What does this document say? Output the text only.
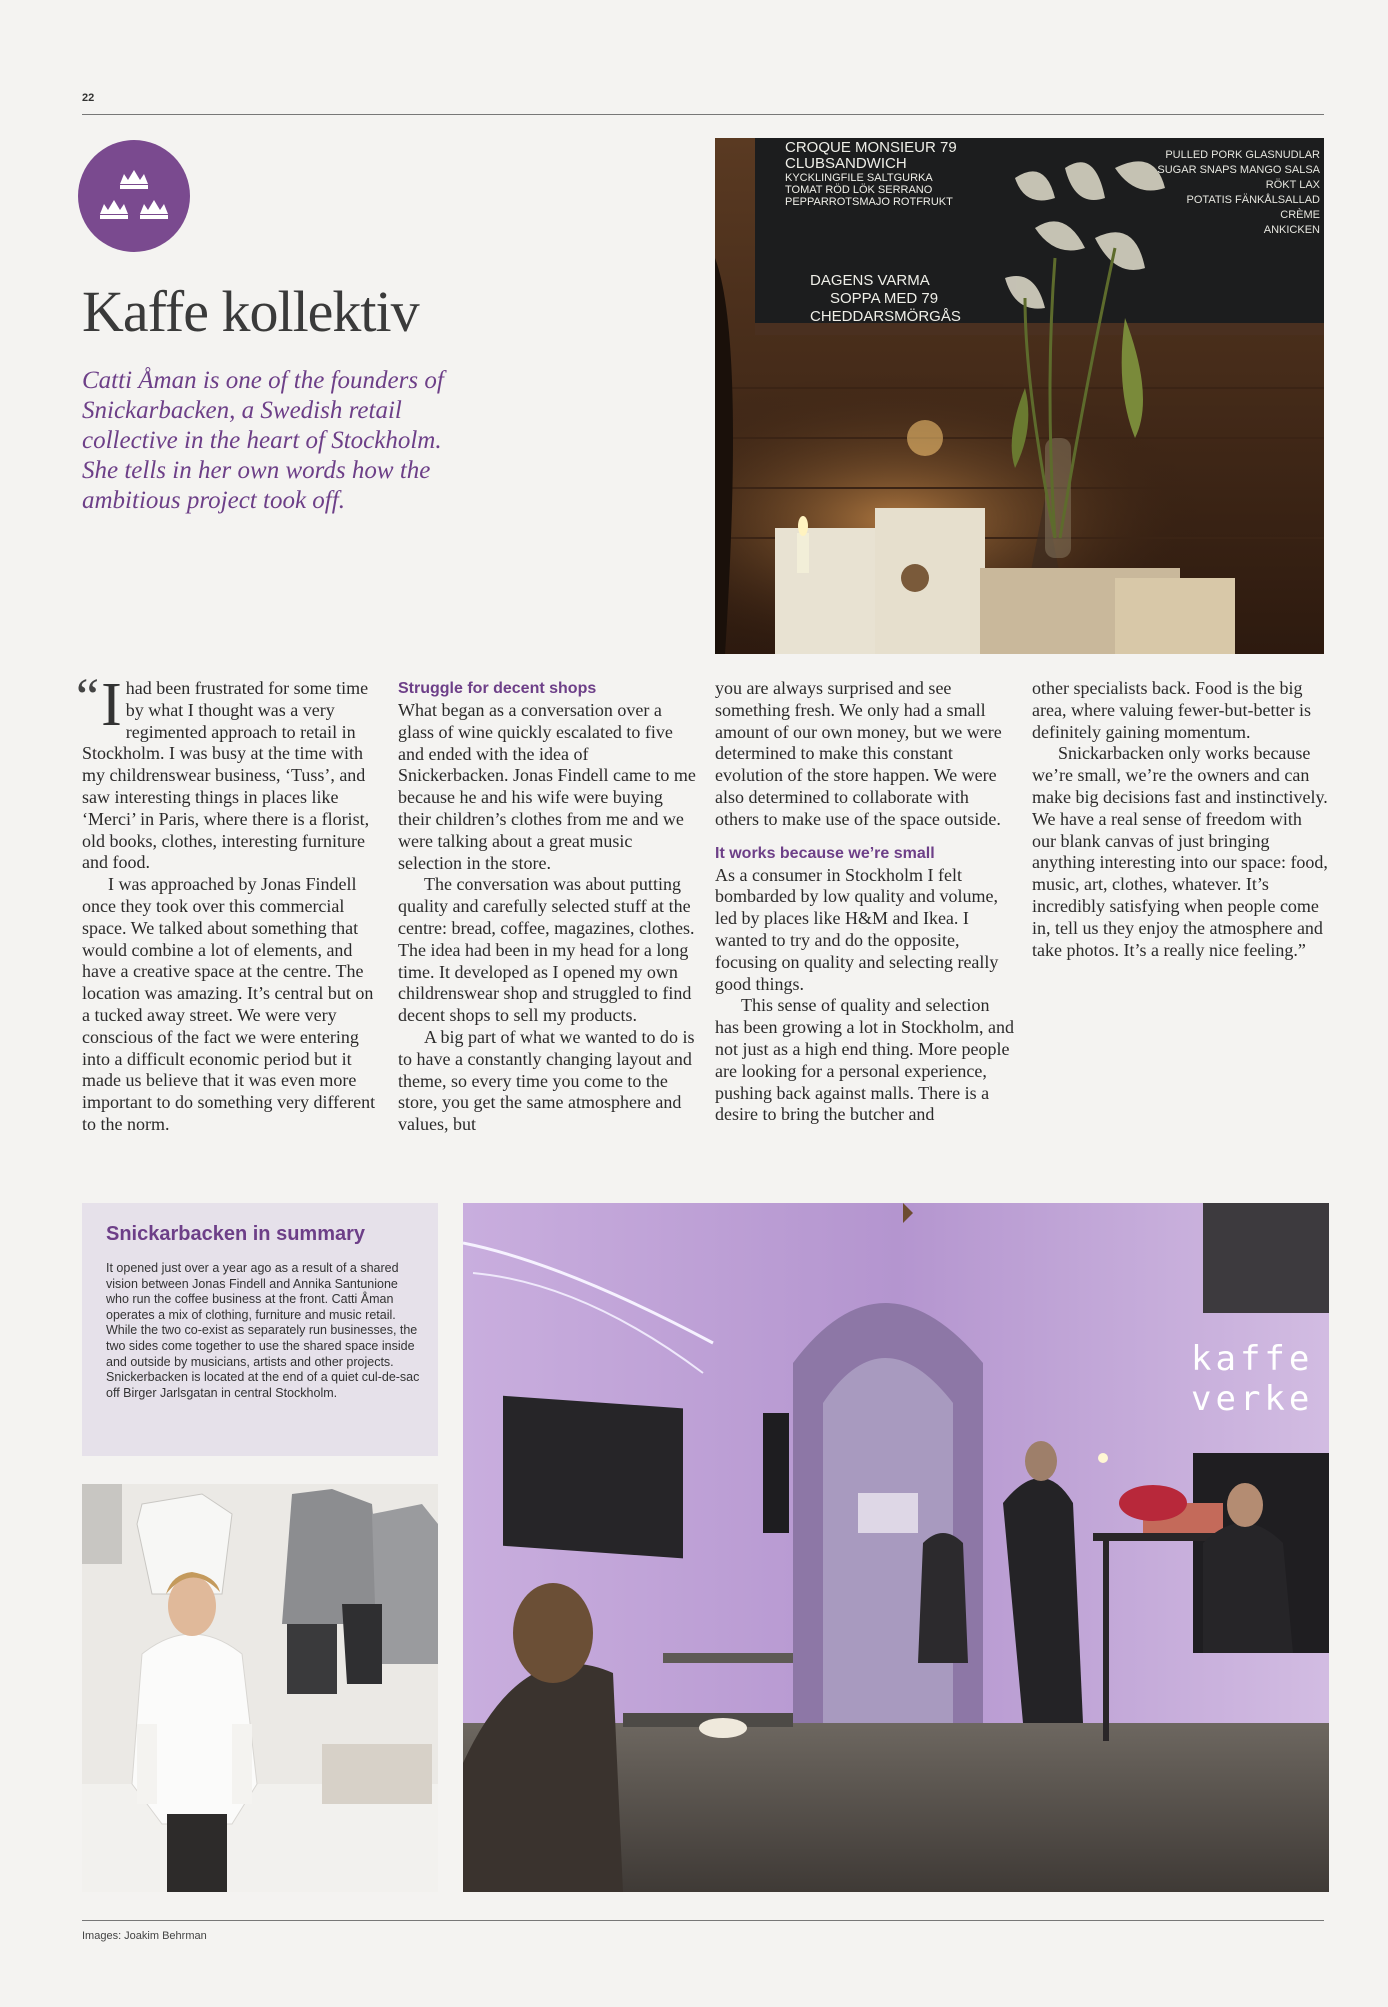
22
Kaffe kollektiv
Catti Åman is one of the founders of Snickarbacken, a Swedish retail collective in the heart of Stockholm. She tells in her own words how the ambitious project took off.
CROQUE MONSIEUR 79
CLUBSANDWICH
KYCKLINGFILE SALTGURKA
TOMAT RÖD LÖK SERRANO
PEPPARROTSMAJO ROTFRUKT
DAGENS VARMA
SOPPA MED 79
CHEDDARSMÖRGÅS
PULLED PORK GLASNUDLAR
SUGAR SNAPS MANGO SALSA
RÖKT LAX
POTATIS FÄNKÅLSALLAD
CRÈME
ANKICKEN

“ I had been frustrated for some time by what I thought was a very regimented approach to retail in Stockholm. I was busy at the time with my childrenswear business, ‘Tuss’, and saw interesting things in places like ‘Merci’ in Paris, where there is a florist, old books, clothes, interesting furniture and food.

I was approached by Jonas Findell once they took over this commercial space. We talked about something that would combine a lot of elements, and have a creative space at the centre. The location was amazing. It’s central but on a tucked away street. We were very conscious of the fact we were entering into a difficult economic period but it made us believe that it was even more important to do something very different to the norm.

Struggle for decent shops

What began as a conversation over a glass of wine quickly escalated to five and ended with the idea of Snickerbacken. Jonas Findell came to me because he and his wife were buying their children’s clothes from me and we were talking about a great music selection in the store.

The conversation was about putting quality and carefully selected stuff at the centre: bread, coffee, magazines, clothes. The idea had been in my head for a long time. It developed as I opened my own childrenswear shop and struggled to find decent shops to sell my products.

A big part of what we wanted to do is to have a constantly changing layout and theme, so every time you come to the store, you get the same atmosphere and values, but

you are always surprised and see something fresh. We only had a small amount of our own money, but we were determined to make this constant evolution of the store happen. We were also determined to collaborate with others to make use of the space outside.

It works because we’re small

As a consumer in Stockholm I felt bombarded by low quality and volume, led by places like H&M and Ikea. I wanted to try and do the opposite, focusing on quality and selecting really good things.

This sense of quality and selection has been growing a lot in Stockholm, and not just as a high end thing. More people are looking for a personal experience, pushing back against malls. There is a desire to bring the butcher and

other specialists back. Food is the big area, where valuing fewer-but-better is definitely gaining momentum.

Snickarbacken only works because we’re small, we’re the owners and can make big decisions fast and instinctively. We have a real sense of freedom with our blank canvas of just bringing anything interesting into our space: food, music, art, clothes, whatever. It’s incredibly satisfying when people come in, tell us they enjoy the atmosphere and take photos. It’s a really nice feeling.”

Snickarbacken in summary

It opened just over a year ago as a result of a shared vision between Jonas Findell and Annika Santunione who run the coffee business at the front. Catti Åman operates a mix of clothing, furniture and music retail. While the two co-exist as separately run businesses, the two sides come together to use the shared space inside and outside by musicians, artists and other projects. Snickerbacken is located at the end of a quiet cul-de-sac off Birger Jarlsgatan in central Stockholm.

kaffe
verke
Images: Joakim Behrman
